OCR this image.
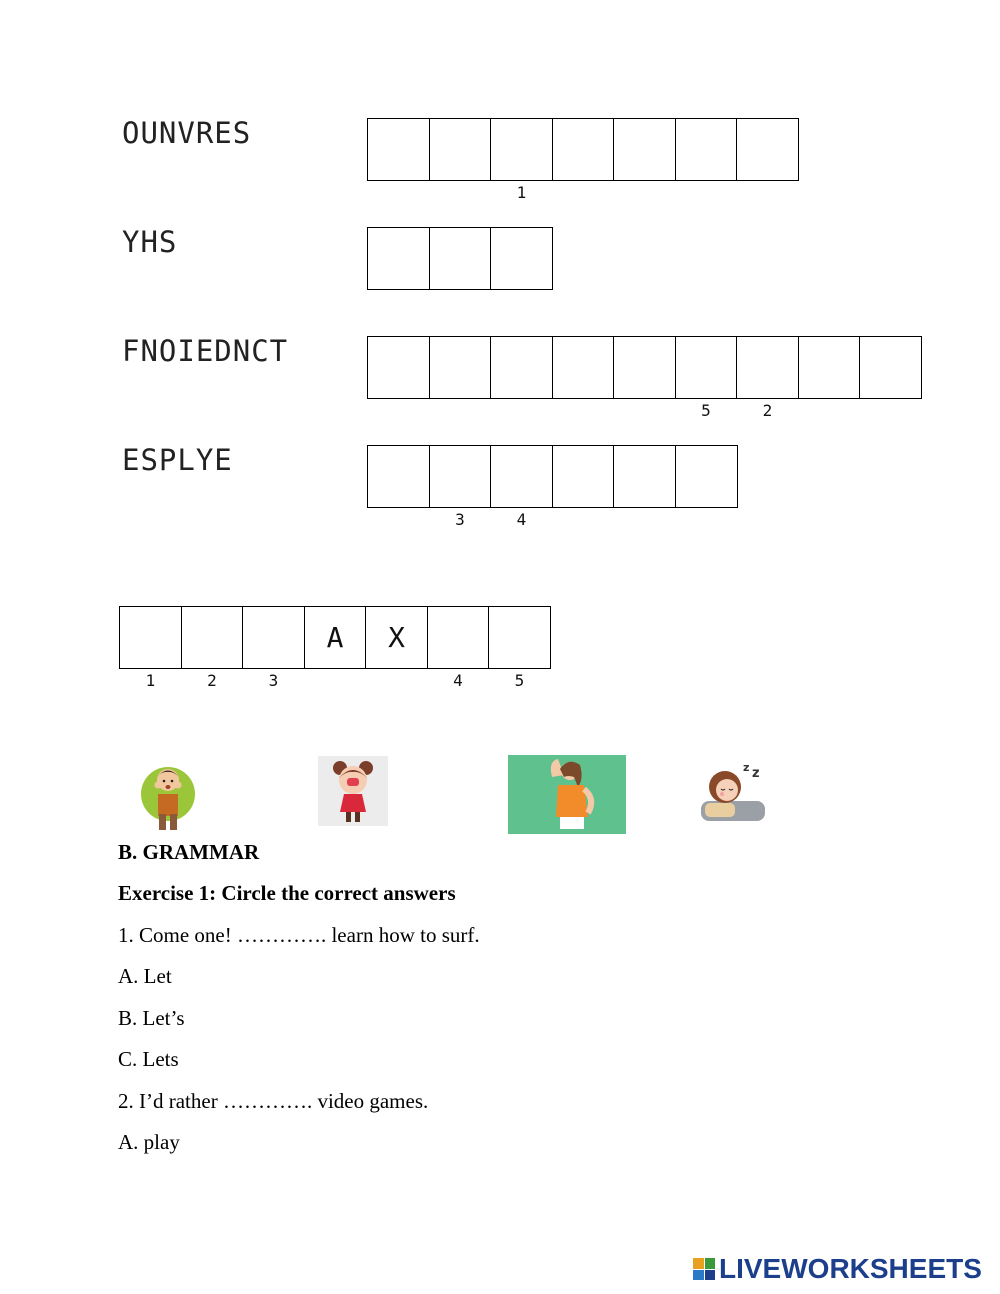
OUNVRES
1
YHS
FNOIEDNCT
5	2
ESPLYE
3	4
1	2	3
A X
4	5
z z
B. GRAMMAR
Exercise 1: Circle the correct answers
1. Come one! …………. learn how to surf.
A. Let
B. Let’s
C. Lets
2. I’d rather …………. video games.
A. play
LIVEWORKSHEETS
